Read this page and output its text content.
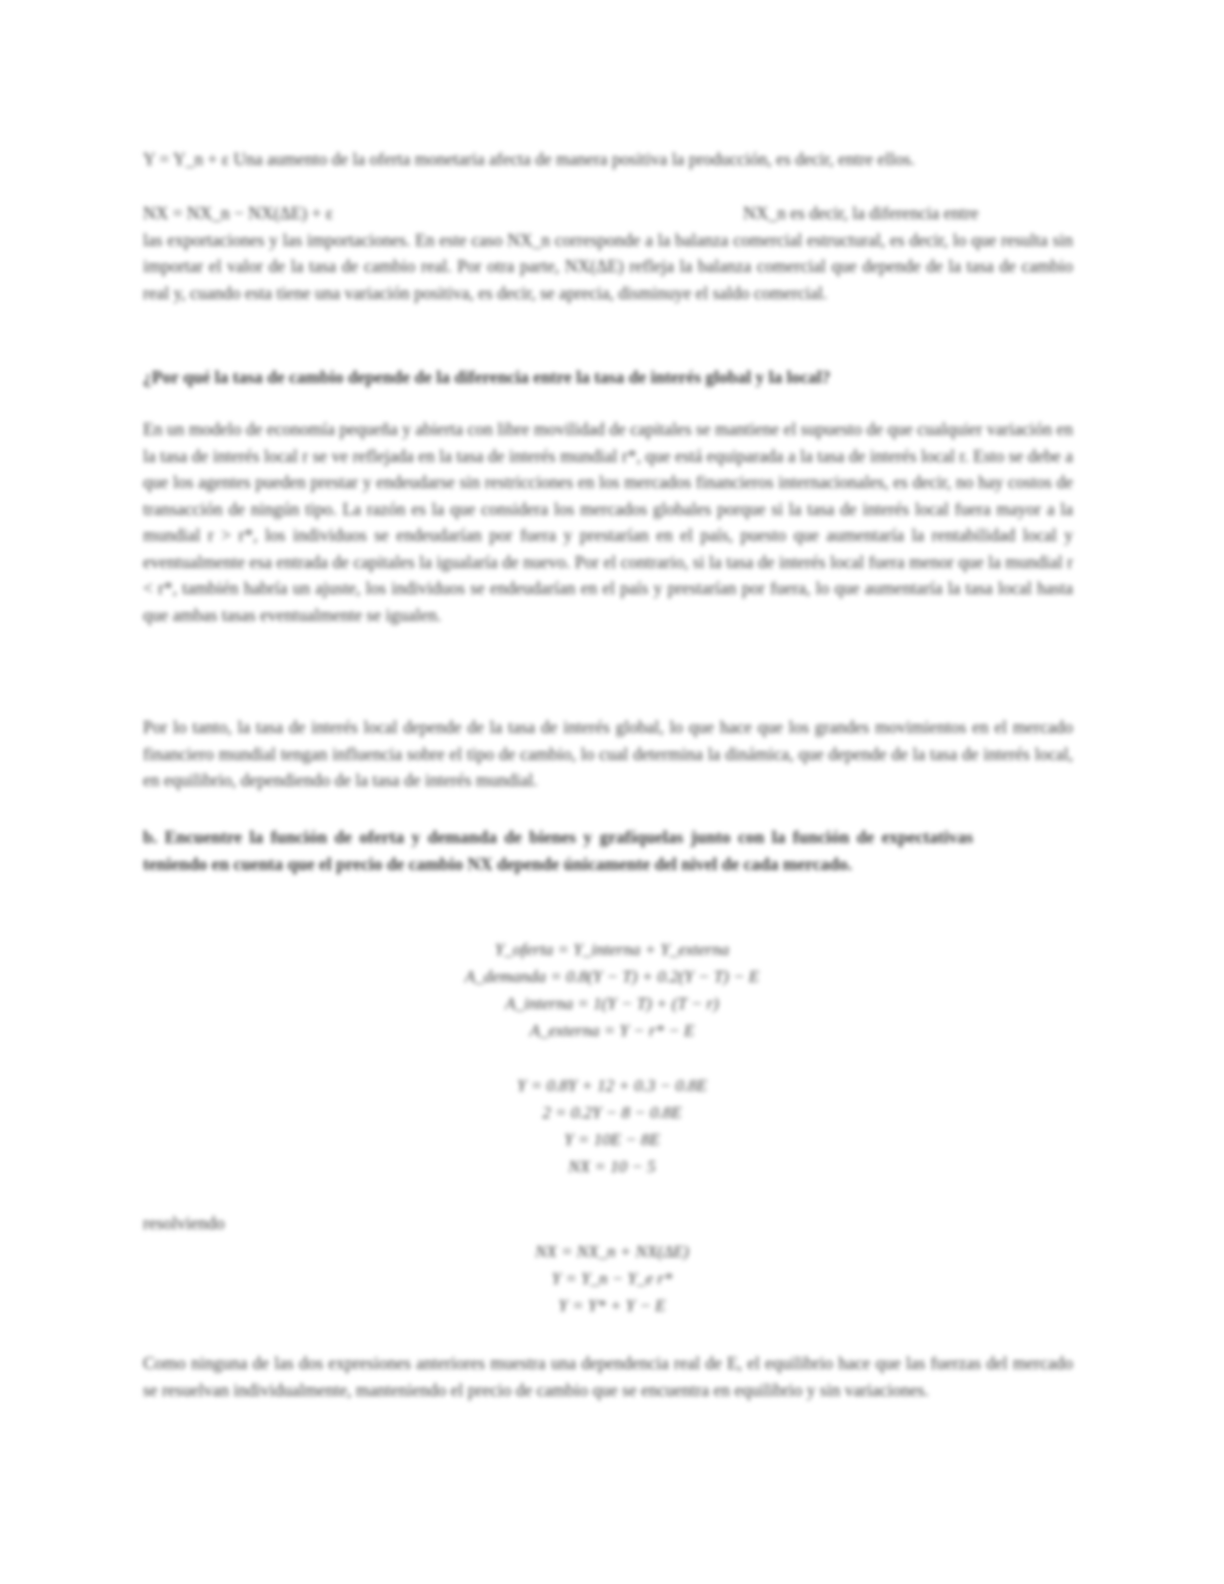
Y = Y_n + ε Una aumento de la oferta monetaria afecta de manera positiva la producción, es decir, entre ellos.
NX = NX_n − NX(ΔE) + ε	NX_n es decir, la diferencia entre
las exportaciones y las importaciones. En este caso NX_n corresponde a la balanza comercial estructural, es decir, lo que resulta sin importar el valor de la tasa de cambio real. Por otra parte, NX(ΔE) refleja la balanza comercial que depende de la tasa de cambio real y, cuando esta tiene una variación positiva, es decir, se aprecia, disminuye el saldo comercial.
¿Por qué la tasa de cambio depende de la diferencia entre la tasa de interés global y la local?
En un modelo de economía pequeña y abierta con libre movilidad de capitales se mantiene el supuesto de que cualquier variación en la tasa de interés local r se ve reflejada en la tasa de interés mundial r*, que está equiparada a la tasa de interés local r. Esto se debe a que los agentes pueden prestar y endeudarse sin restricciones en los mercados financieros internacionales, es decir, no hay costos de transacción de ningún tipo. La razón es la que considera los mercados globales porque si la tasa de interés local fuera mayor a la mundial r > r*, los individuos se endeudarían por fuera y prestarían en el país, puesto que aumentaría la rentabilidad local y eventualmente esa entrada de capitales la igualaría de nuevo. Por el contrario, si la tasa de interés local fuera menor que la mundial r < r*, también habría un ajuste, los individuos se endeudarían en el país y prestarían por fuera, lo que aumentaría la tasa local hasta que ambas tasas eventualmente se igualen.
Por lo tanto, la tasa de interés local depende de la tasa de interés global, lo que hace que los grandes movimientos en el mercado financiero mundial tengan influencia sobre el tipo de cambio, lo cual determina la dinámica, que depende de la tasa de interés local, en equilibrio, dependiendo de la tasa de interés mundial.
b. Encuentre la función de oferta y demanda de bienes y grafíquelas junto con la función de expectativas teniendo en cuenta que el precio de cambio NX depende únicamente del nivel de cada mercado.
Y_oferta = Y_interna + Y_externa
A_demanda = 0.8(Y − T) + 0.2(Y − T) − E
A_interna = 1(Y − T) + (T − r)
A_externa = Y − r* − E
Y = 0.8Y + 12 + 0.3 − 0.8E
2 = 0.2Y − 8 − 0.8E
Y = 10E − 8E
NX = 10 − 5
resolviendo
NX = NX_n + NX(ΔE)
Y = Y_n − Y_e r*
Y = Y* + Y − E
Como ninguna de las dos expresiones anteriores muestra una dependencia real de E, el equilibrio hace que las fuerzas del mercado se resuelvan individualmente, manteniendo el precio de cambio que se encuentra en equilibrio y sin variaciones.
